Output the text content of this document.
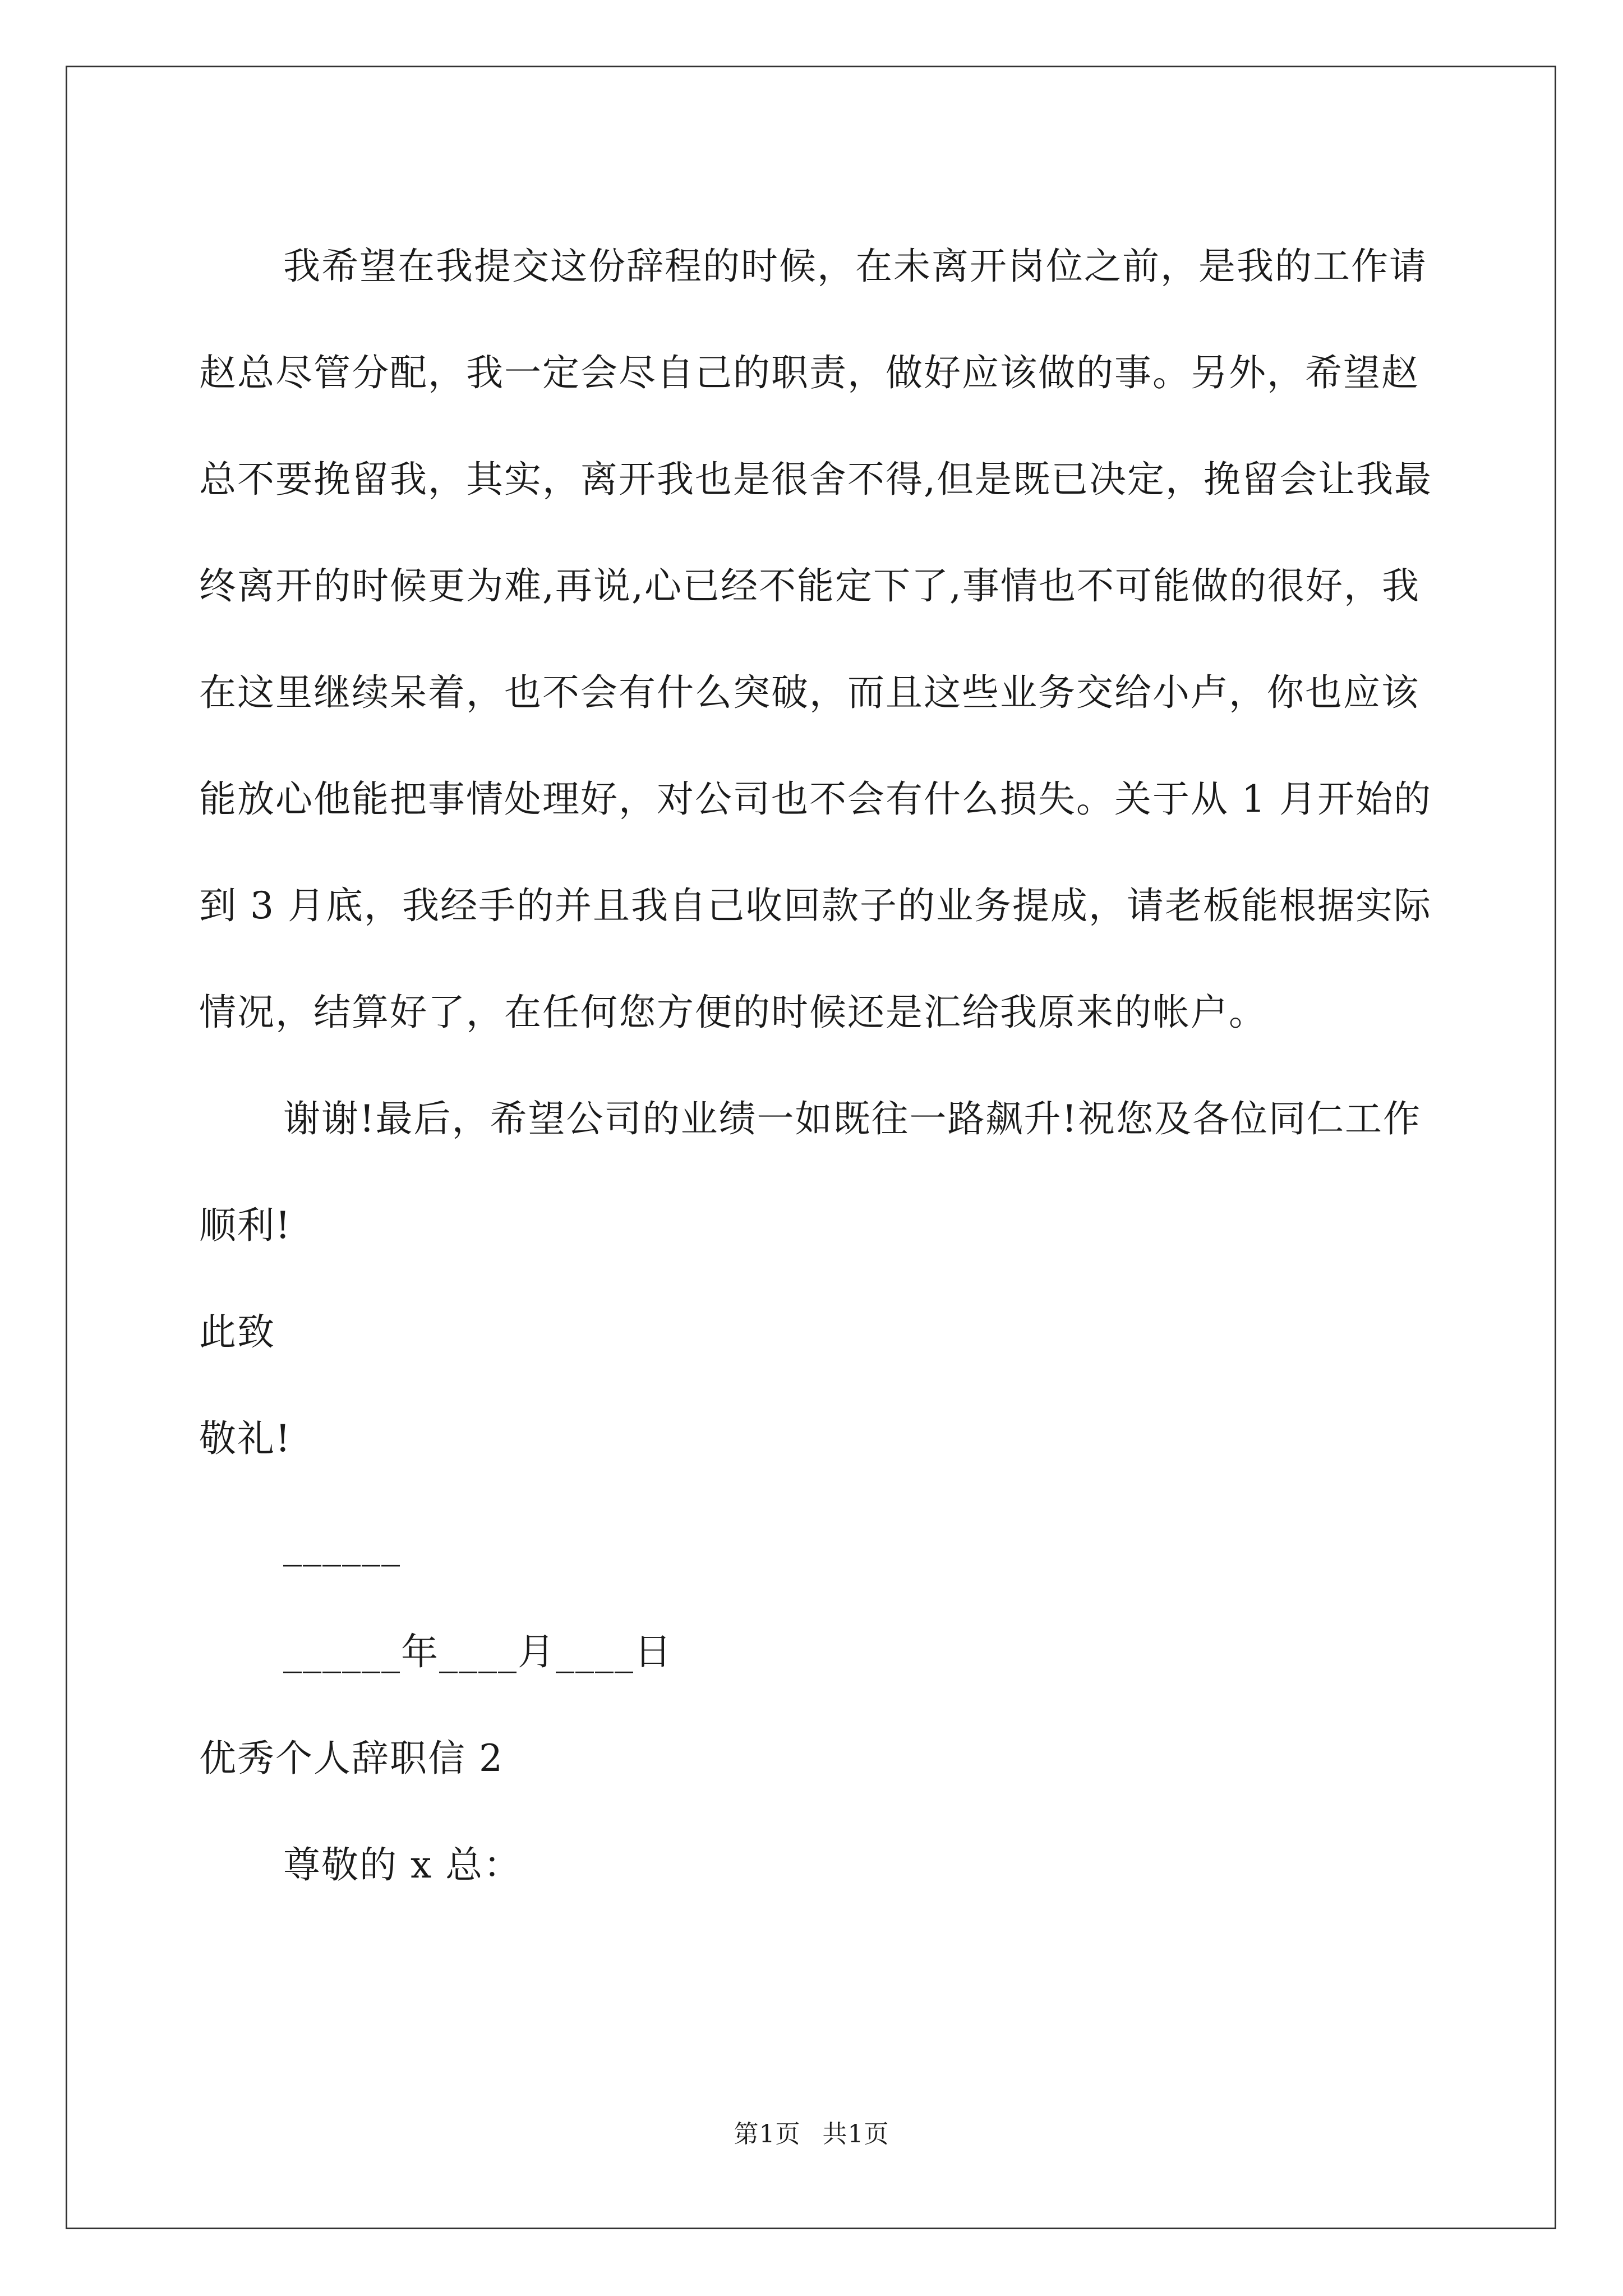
我希望在我提交这份辞程的时候，在未离开岗位之前，是我的工作请赵总尽管分配，我一定会尽自己的职责，做好应该做的事。另外，希望赵总不要挽留我，其实，离开我也是很舍不得,但是既已决定，挽留会让我最终离开的时候更为难,再说,心已经不能定下了,事情也不可能做的很好，我在这里继续呆着，也不会有什么突破，而且这些业务交给小卢，你也应该能放心他能把事情处理好，对公司也不会有什么损失。关于从 1 月开始的到 3 月底，我经手的并且我自己收回款子的业务提成，请老板能根据实际情况，结算好了，在任何您方便的时候还是汇给我原来的帐户。

谢谢!最后，希望公司的业绩一如既往一路飙升!祝您及各位同仁工作顺利!

此致

敬礼!

______

______年____月____日

优秀个人辞职信 2

尊敬的 x 总：

第1页 共1页
